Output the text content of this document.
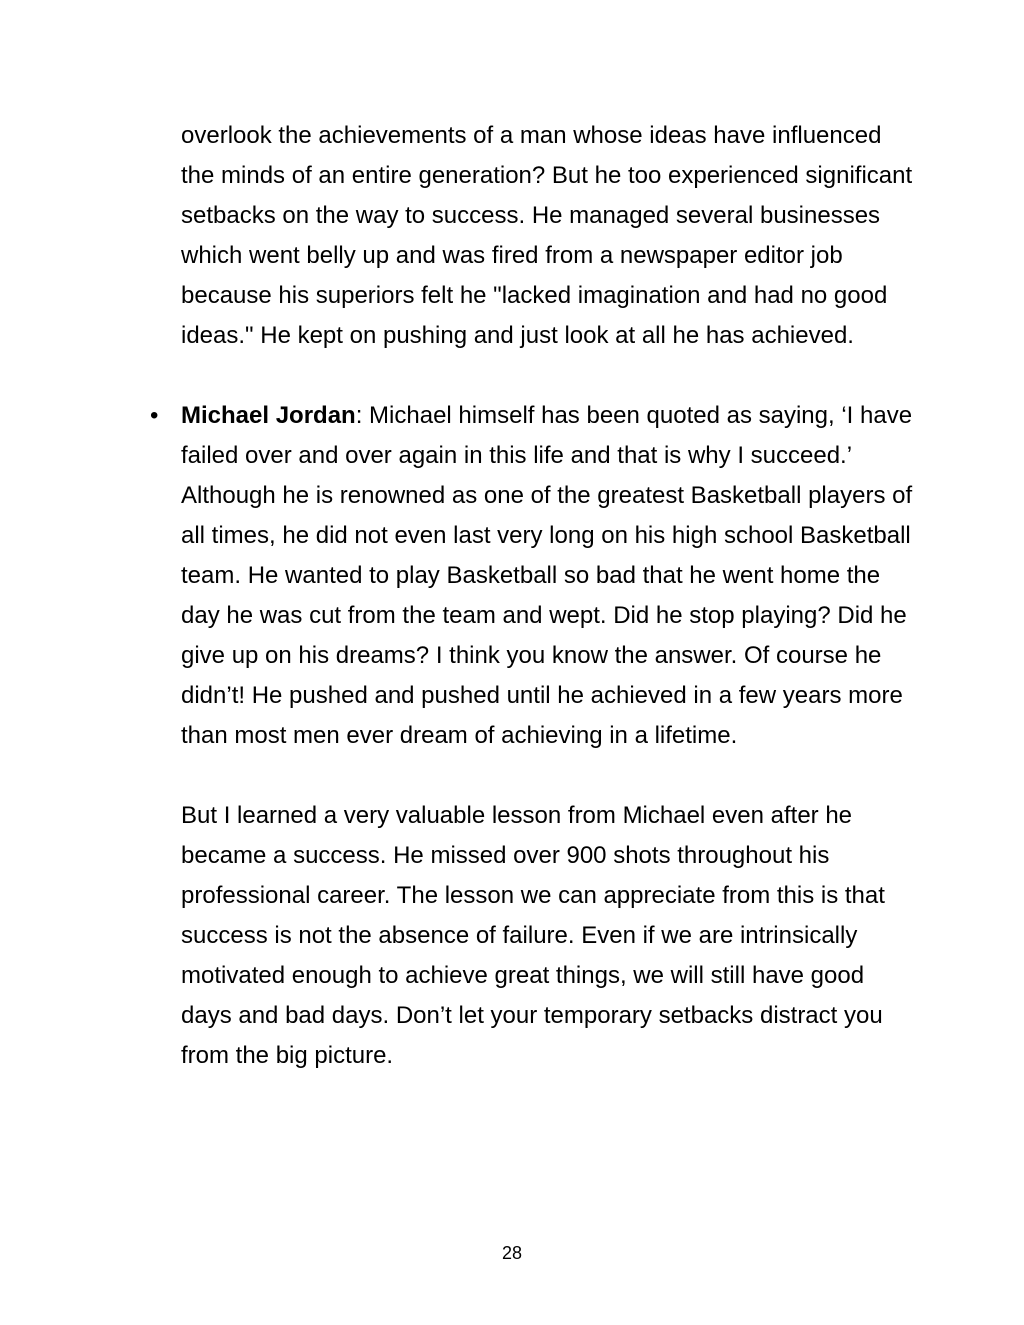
overlook the achievements of a man whose ideas have influenced the minds of an entire generation? But he too experienced significant setbacks on the way to success. He managed several businesses which went belly up and was fired from a newspaper editor job because his superiors felt he "lacked imagination and had no good ideas." He kept on pushing and just look at all he has achieved.

• Michael Jordan: Michael himself has been quoted as saying, ‘I have failed over and over again in this life and that is why I succeed.’ Although he is renowned as one of the greatest Basketball players of all times, he did not even last very long on his high school Basketball team. He wanted to play Basketball so bad that he went home the day he was cut from the team and wept. Did he stop playing? Did he give up on his dreams? I think you know the answer. Of course he didn’t! He pushed and pushed until he achieved in a few years more than most men ever dream of achieving in a lifetime.

But I learned a very valuable lesson from Michael even after he became a success. He missed over 900 shots throughout his professional career. The lesson we can appreciate from this is that success is not the absence of failure. Even if we are intrinsically motivated enough to achieve great things, we will still have good days and bad days. Don’t let your temporary setbacks distract you from the big picture.

28
